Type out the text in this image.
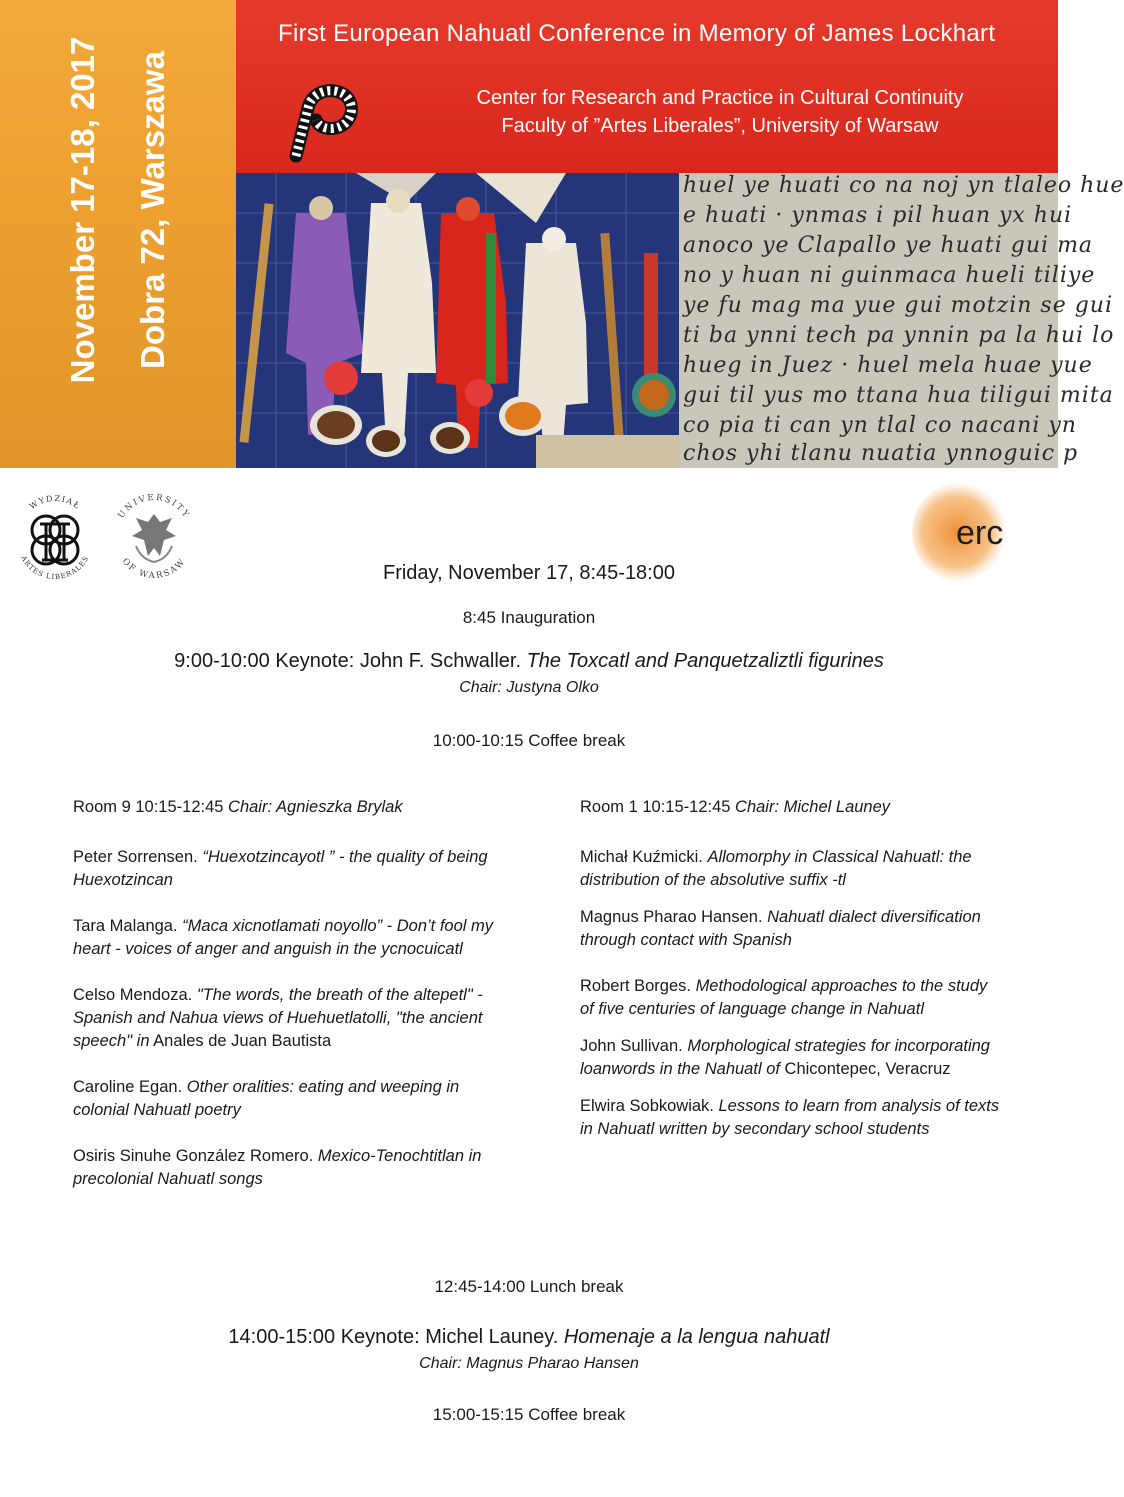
November 17-18, 2017	Dobra 72, Warszawa
First European Nahuatl Conference in Memory of James Lockhart
Center for Research and Practice in Cultural Continuity
Faculty of ”Artes Liberales”, University of Warsaw
huel ye huati co na noj yn tlaleo hue
e huati · ynmas i pil huan yx hui
anoco ye Clapallo ye huati gui ma
no y huan ni guinmaca hueli tiliye
ye fu mag ma yue gui motzin se gui
ti ba ynni tech pa ynnin pa la hui lo
hueg in Juez · huel mela huae yue
gui til yus mo ttana hua tiligui mita
co pia ti can yn tlal co nacani yn
chos yhi tlanu nuatia ynnoguic p
WYDZIAŁ
ARTES LIBERALES
UNIVERSITY
OF WARSAW
erc
Friday, November 17, 8:45-18:00
8:45 Inauguration
9:00-10:00 Keynote: John F. Schwaller. The Toxcatl and Panquetzaliztli figurines
Chair: Justyna Olko
10:00-10:15 Coffee break
Room 9 10:15-12:45 Chair: Agnieszka Brylak
Peter Sorrensen. “Huexotzincayotl ” - the quality of being Huexotzincan
Tara Malanga. “Maca xicnotlamati noyollo” - Don’t fool my heart - voices of anger and anguish in the ycnocuicatl
Celso Mendoza. "The words, the breath of the altepetl" - Spanish and Nahua views of Huehuetlatolli, "the ancient speech" in Anales de Juan Bautista
Caroline Egan. Other oralities: eating and weeping in colonial Nahuatl poetry
Osiris Sinuhe González Romero. Mexico-Tenochtitlan in precolonial Nahuatl songs
Room 1 10:15-12:45 Chair: Michel Launey
Michał Kuźmicki. Allomorphy in Classical Nahuatl: the distribution of the absolutive suffix -tl
Magnus Pharao Hansen. Nahuatl dialect diversification through contact with Spanish
Robert Borges. Methodological approaches to the study of five centuries of language change in Nahuatl
John Sullivan. Morphological strategies for incorporating loanwords in the Nahuatl of Chicontepec, Veracruz
Elwira Sobkowiak. Lessons to learn from analysis of texts in Nahuatl written by secondary school students
12:45-14:00 Lunch break
14:00-15:00 Keynote: Michel Launey. Homenaje a la lengua nahuatl
Chair: Magnus Pharao Hansen
15:00-15:15 Coffee break
